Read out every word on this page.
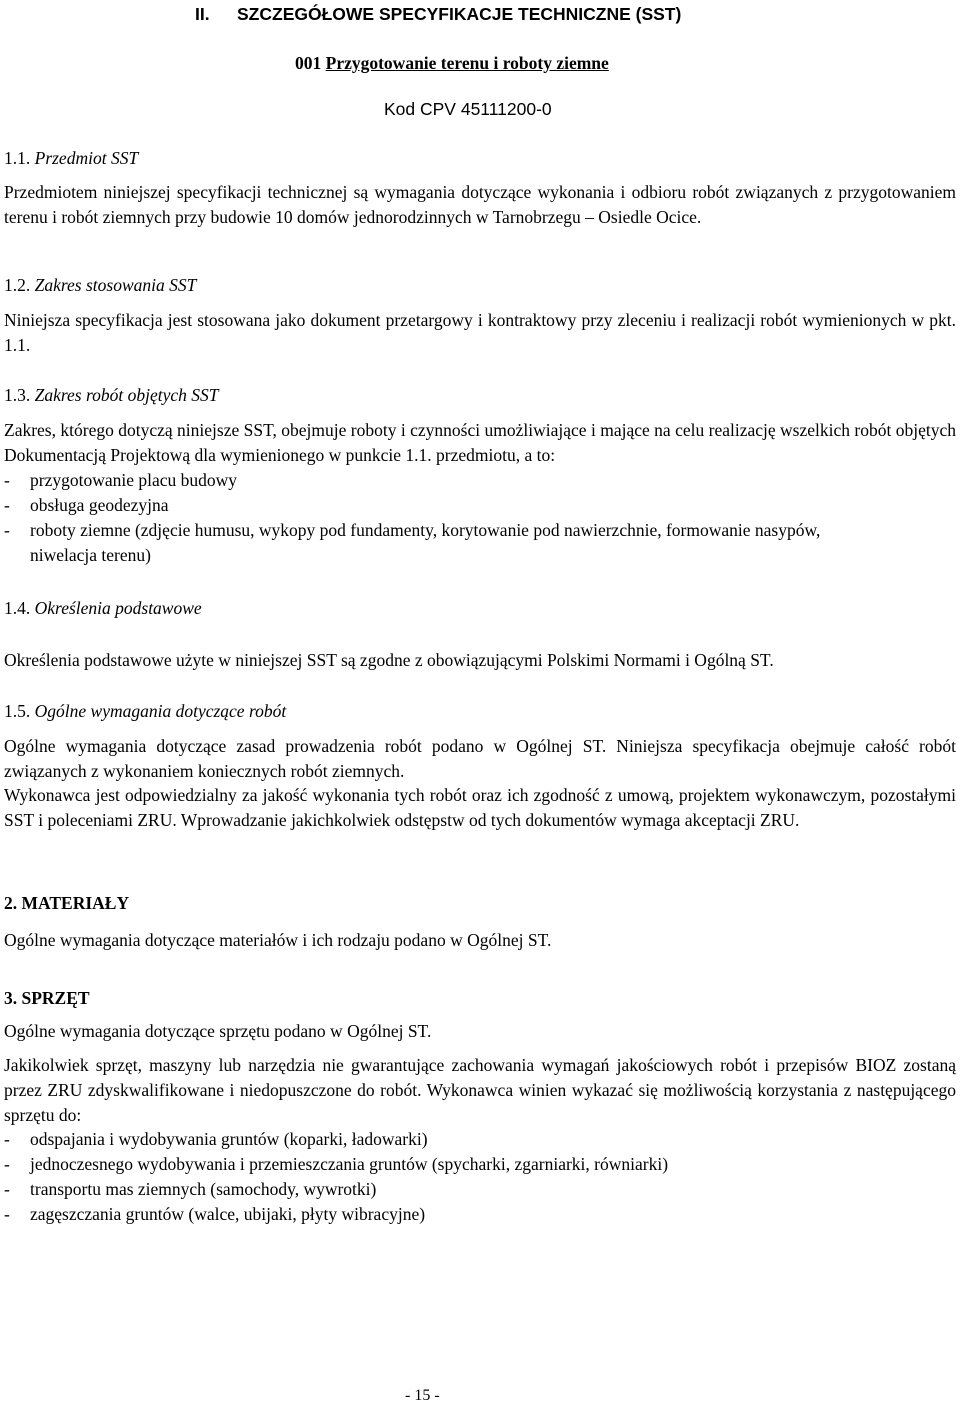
II. SZCZEGÓŁOWE SPECYFIKACJE TECHNICZNE (SST)
001 Przygotowanie terenu i roboty ziemne
Kod CPV 45111200-0
1.1. Przedmiot SST
Przedmiotem niniejszej specyfikacji technicznej są wymagania dotyczące wykonania i odbioru robót związanych z przygotowaniem terenu i robót ziemnych przy budowie 10 domów jednorodzinnych w Tarnobrzegu – Osiedle Ocice.
1.2. Zakres stosowania SST
Niniejsza specyfikacja jest stosowana jako dokument przetargowy i kontraktowy przy zleceniu i realizacji robót wymienionych w pkt. 1.1.
1.3. Zakres robót objętych SST
Zakres, którego dotyczą niniejsze SST, obejmuje roboty i czynności umożliwiające i mające na celu realizację wszelkich robót objętych Dokumentacją Projektową dla wymienionego w punkcie 1.1. przedmiotu, a to:
- przygotowanie placu budowy
- obsługa geodezyjna
- roboty ziemne (zdjęcie humusu, wykopy pod fundamenty, korytowanie pod nawierzchnie, formowanie nasypów, niwelacja terenu)
1.4. Określenia podstawowe
Określenia podstawowe użyte w niniejszej SST są zgodne z obowiązującymi Polskimi Normami i Ogólną ST.
1.5. Ogólne wymagania dotyczące robót
Ogólne wymagania dotyczące zasad prowadzenia robót podano w Ogólnej ST. Niniejsza specyfikacja obejmuje całość robót związanych z wykonaniem koniecznych robót ziemnych.
Wykonawca jest odpowiedzialny za jakość wykonania tych robót oraz ich zgodność z umową, projektem wykonawczym, pozostałymi SST i poleceniami ZRU. Wprowadzanie jakichkolwiek odstępstw od tych dokumentów wymaga akceptacji ZRU.
2. MATERIAŁY
Ogólne wymagania dotyczące materiałów i ich rodzaju podano w Ogólnej ST.
3. SPRZĘT
Ogólne wymagania dotyczące sprzętu podano w Ogólnej ST.
Jakikolwiek sprzęt, maszyny lub narzędzia nie gwarantujące zachowania wymagań jakościowych robót i przepisów BIOZ zostaną przez ZRU zdyskwalifikowane i niedopuszczone do robót. Wykonawca winien wykazać się możliwością korzystania z następującego sprzętu do:
- odspajania i wydobywania gruntów (koparki, ładowarki)
- jednoczesnego wydobywania i przemieszczania gruntów (spycharki, zgarniarki, równiarki)
- transportu mas ziemnych (samochody, wywrotki)
- zagęszczania gruntów (walce, ubijaki, płyty wibracyjne)
- 15 -
